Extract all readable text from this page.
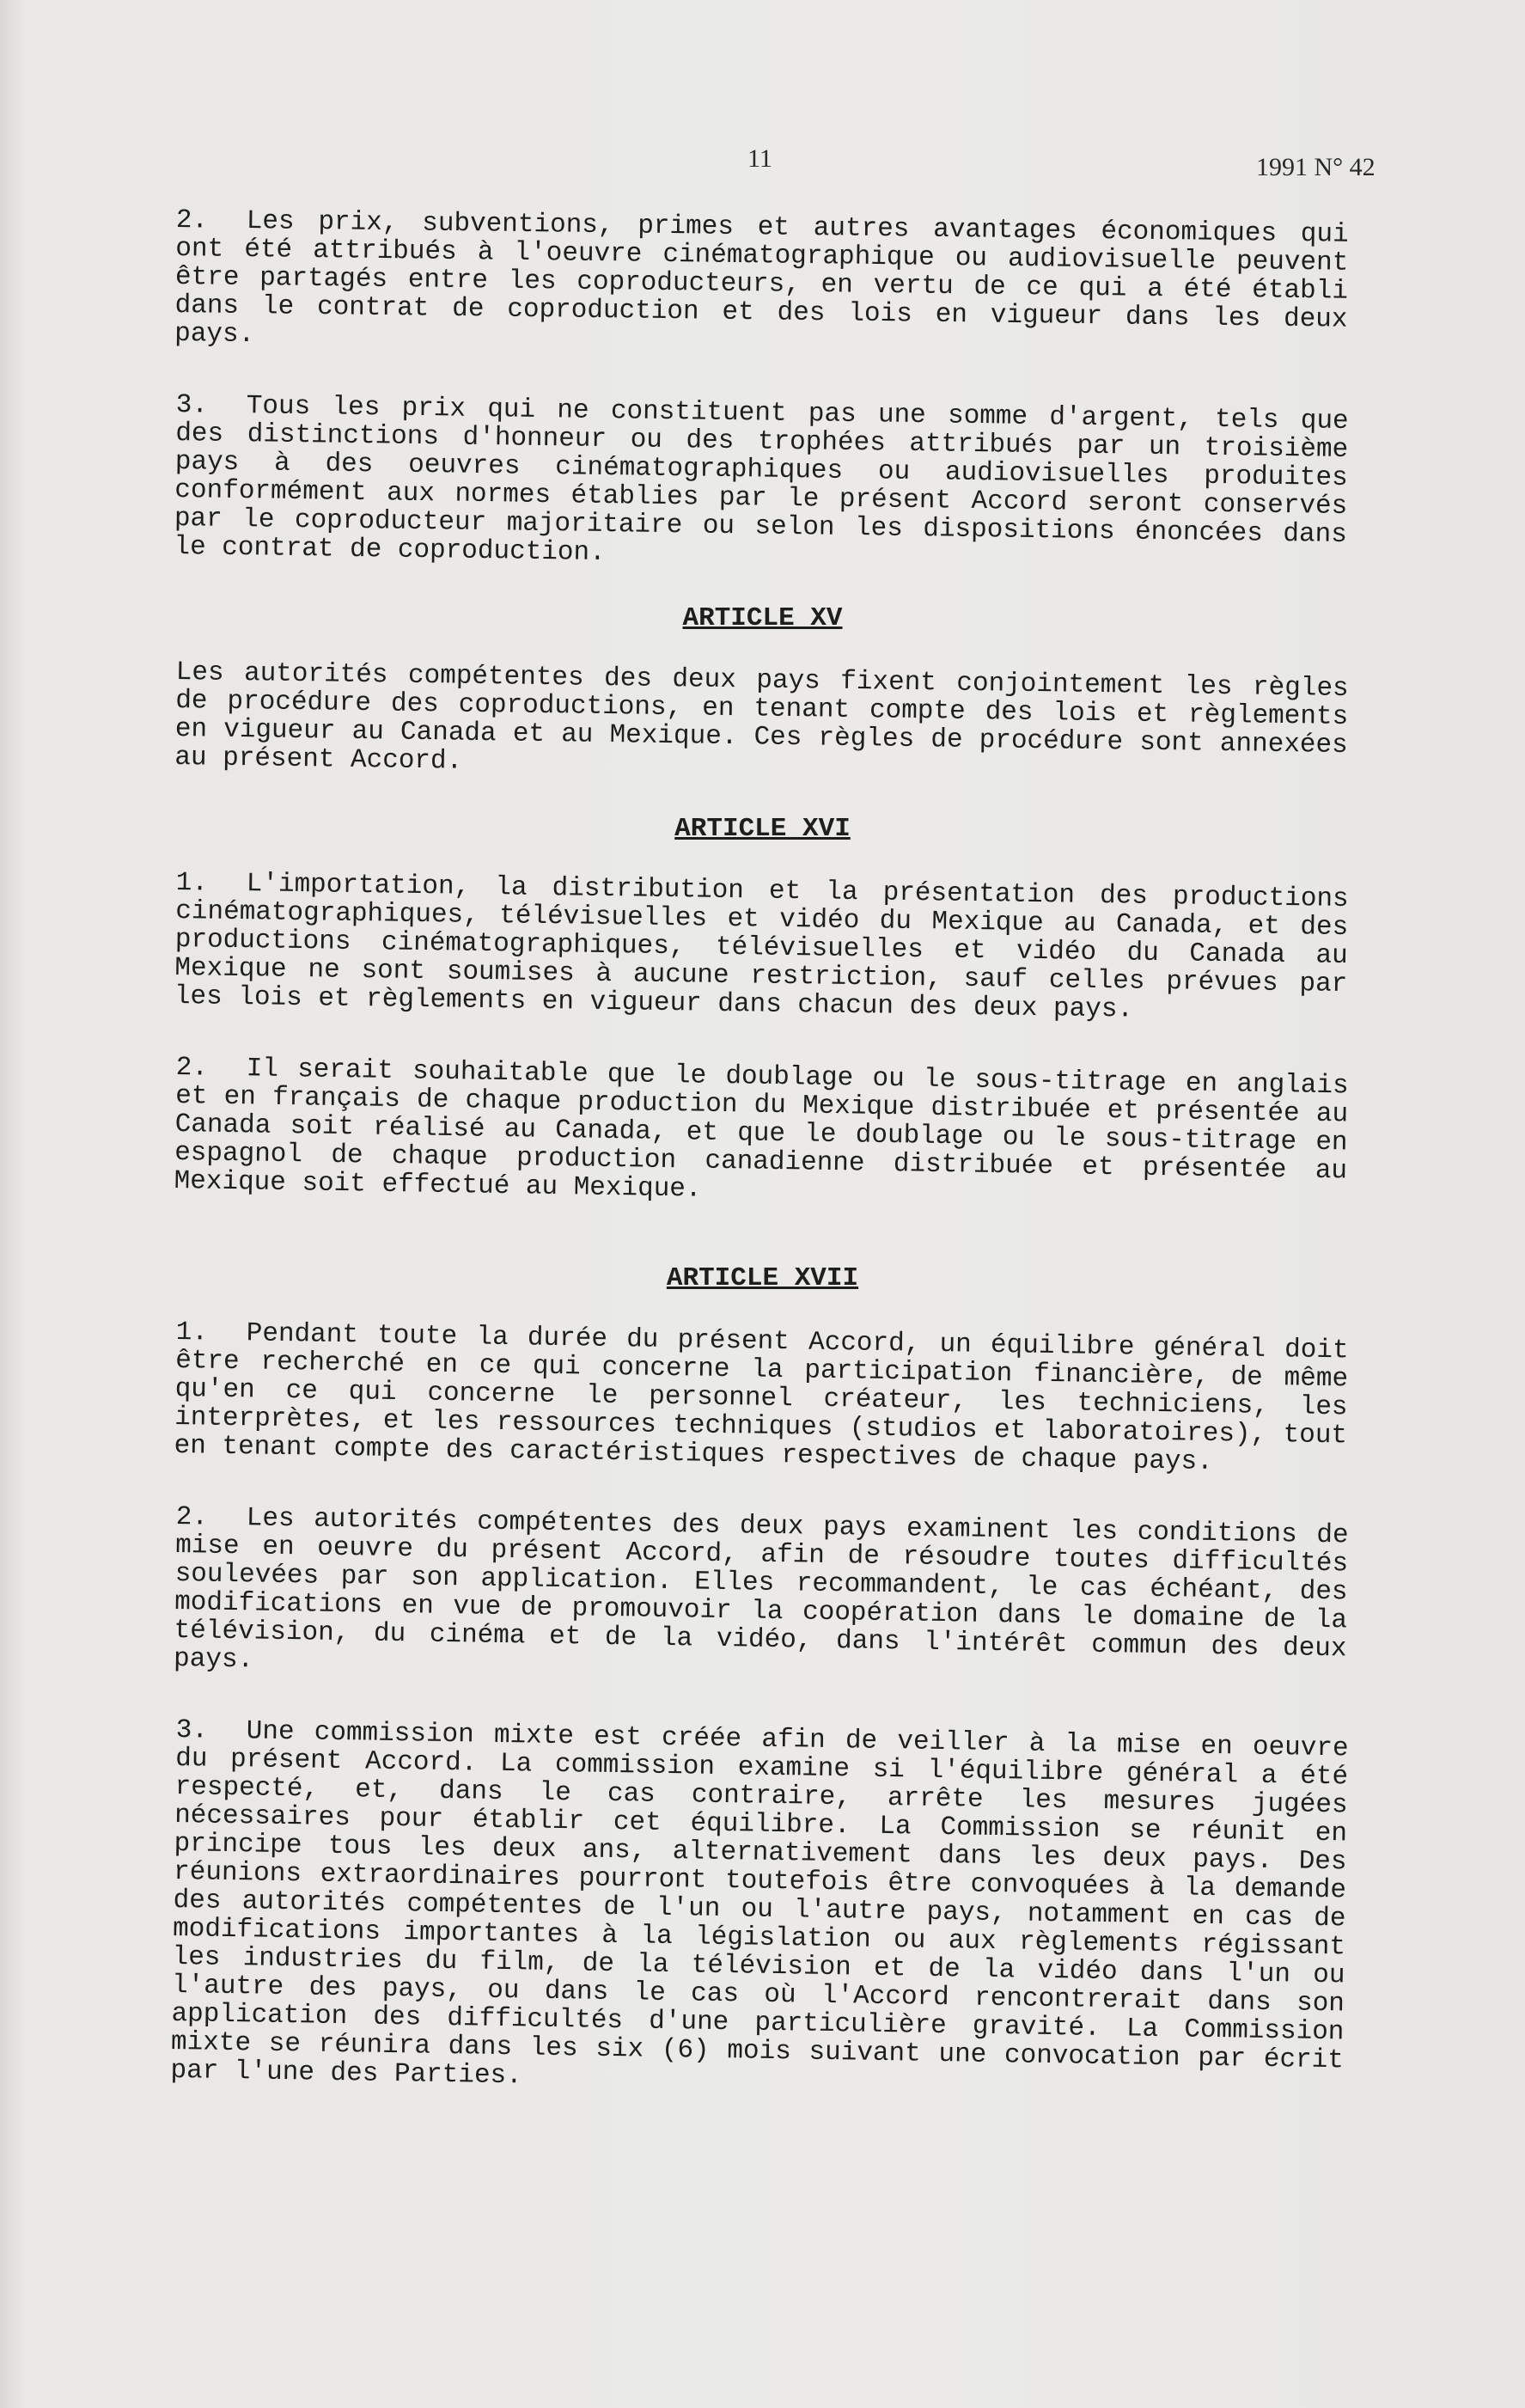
11	1991 N° 42

2. Les prix, subventions, primes et autres avantages économiques qui ont été attribués à l'oeuvre cinématographique ou audiovisuelle peuvent être partagés entre les coproducteurs, en vertu de ce qui a été établi dans le contrat de coproduction et des lois en vigueur dans les deux pays.

3. Tous les prix qui ne constituent pas une somme d'argent, tels que des distinctions d'honneur ou des trophées attribués par un troisième pays à des oeuvres cinématographiques ou audiovisuelles produites conformément aux normes établies par le présent Accord seront conservés par le coproducteur majoritaire ou selon les dispositions énoncées dans le contrat de coproduction.

ARTICLE XV

Les autorités compétentes des deux pays fixent conjointement les règles de procédure des coproductions, en tenant compte des lois et règlements en vigueur au Canada et au Mexique. Ces règles de procédure sont annexées au présent Accord.

ARTICLE XVI

1. L'importation, la distribution et la présentation des productions cinématographiques, télévisuelles et vidéo du Mexique au Canada, et des productions cinématographiques, télévisuelles et vidéo du Canada au Mexique ne sont soumises à aucune restriction, sauf celles prévues par les lois et règlements en vigueur dans chacun des deux pays.

2. Il serait souhaitable que le doublage ou le sous-titrage en anglais et en français de chaque production du Mexique distribuée et présentée au Canada soit réalisé au Canada, et que le doublage ou le sous-titrage en espagnol de chaque production canadienne distribuée et présentée au Mexique soit effectué au Mexique.

ARTICLE XVII

1. Pendant toute la durée du présent Accord, un équilibre général doit être recherché en ce qui concerne la participation financière, de même qu'en ce qui concerne le personnel créateur, les techniciens, les interprètes, et les ressources techniques (studios et laboratoires), tout en tenant compte des caractéristiques respectives de chaque pays.

2. Les autorités compétentes des deux pays examinent les conditions de mise en oeuvre du présent Accord, afin de résoudre toutes difficultés soulevées par son application. Elles recommandent, le cas échéant, des modifications en vue de promouvoir la coopération dans le domaine de la télévision, du cinéma et de la vidéo, dans l'intérêt commun des deux pays.

3. Une commission mixte est créée afin de veiller à la mise en oeuvre du présent Accord. La commission examine si l'équilibre général a été respecté, et, dans le cas contraire, arrête les mesures jugées nécessaires pour établir cet équilibre. La Commission se réunit en principe tous les deux ans, alternativement dans les deux pays. Des réunions extraordinaires pourront toutefois être convoquées à la demande des autorités compétentes de l'un ou l'autre pays, notamment en cas de modifications importantes à la législation ou aux règlements régissant les industries du film, de la télévision et de la vidéo dans l'un ou l'autre des pays, ou dans le cas où l'Accord rencontrerait dans son application des difficultés d'une particulière gravité. La Commission mixte se réunira dans les six (6) mois suivant une convocation par écrit par l'une des Parties.
